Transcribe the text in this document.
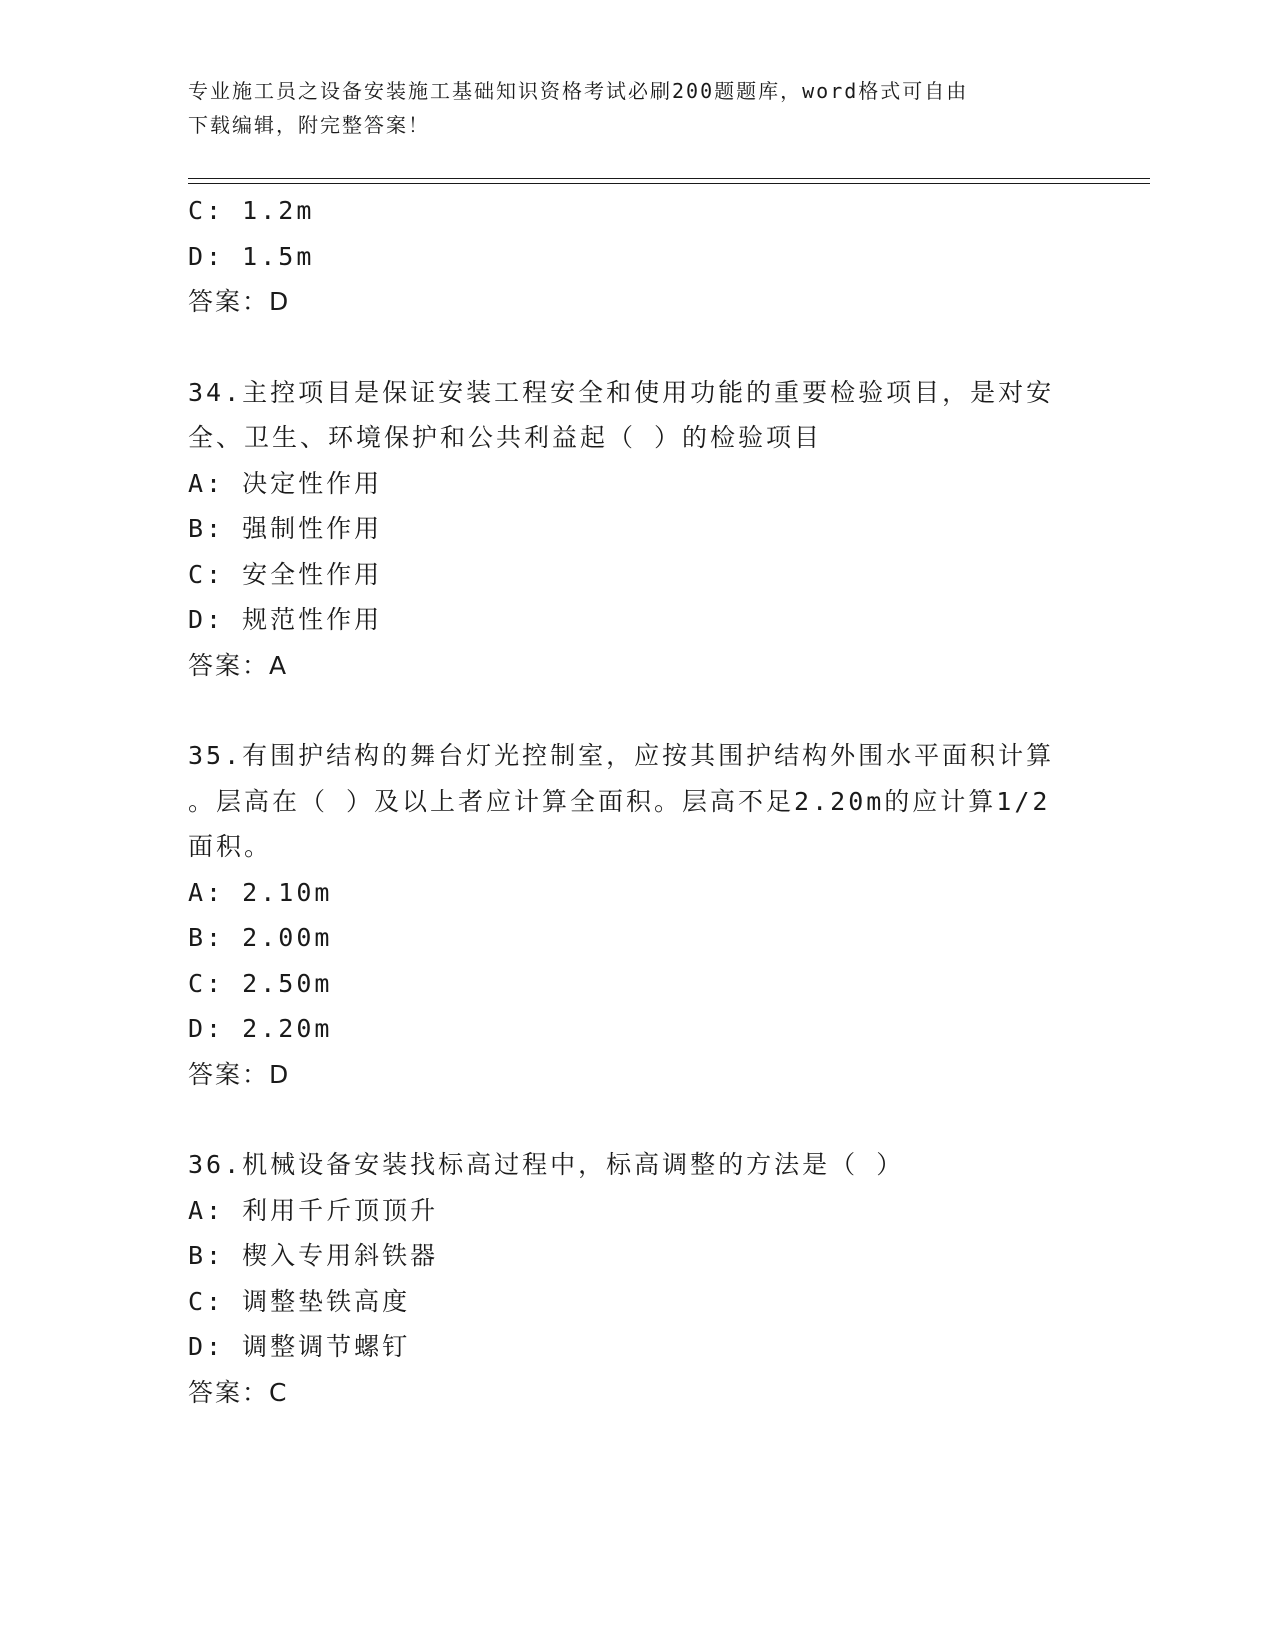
专业施工员之设备安装施工基础知识资格考试必刷200题题库，word格式可自由
下载编辑，附完整答案！
C: 1.2m
D: 1.5m
答案：D
34.主控项目是保证安装工程安全和使用功能的重要检验项目，是对安
全、卫生、环境保护和公共利益起（ ）的检验项目
A: 决定性作用
B: 强制性作用
C: 安全性作用
D: 规范性作用
答案：A
35.有围护结构的舞台灯光控制室，应按其围护结构外围水平面积计算
。层高在（ ）及以上者应计算全面积。层高不足2.20m的应计算1/2
面积。
A: 2.10m
B: 2.00m
C: 2.50m
D: 2.20m
答案：D
36.机械设备安装找标高过程中，标高调整的方法是（ ）
A: 利用千斤顶顶升
B: 楔入专用斜铁器
C: 调整垫铁高度
D: 调整调节螺钉
答案：C
